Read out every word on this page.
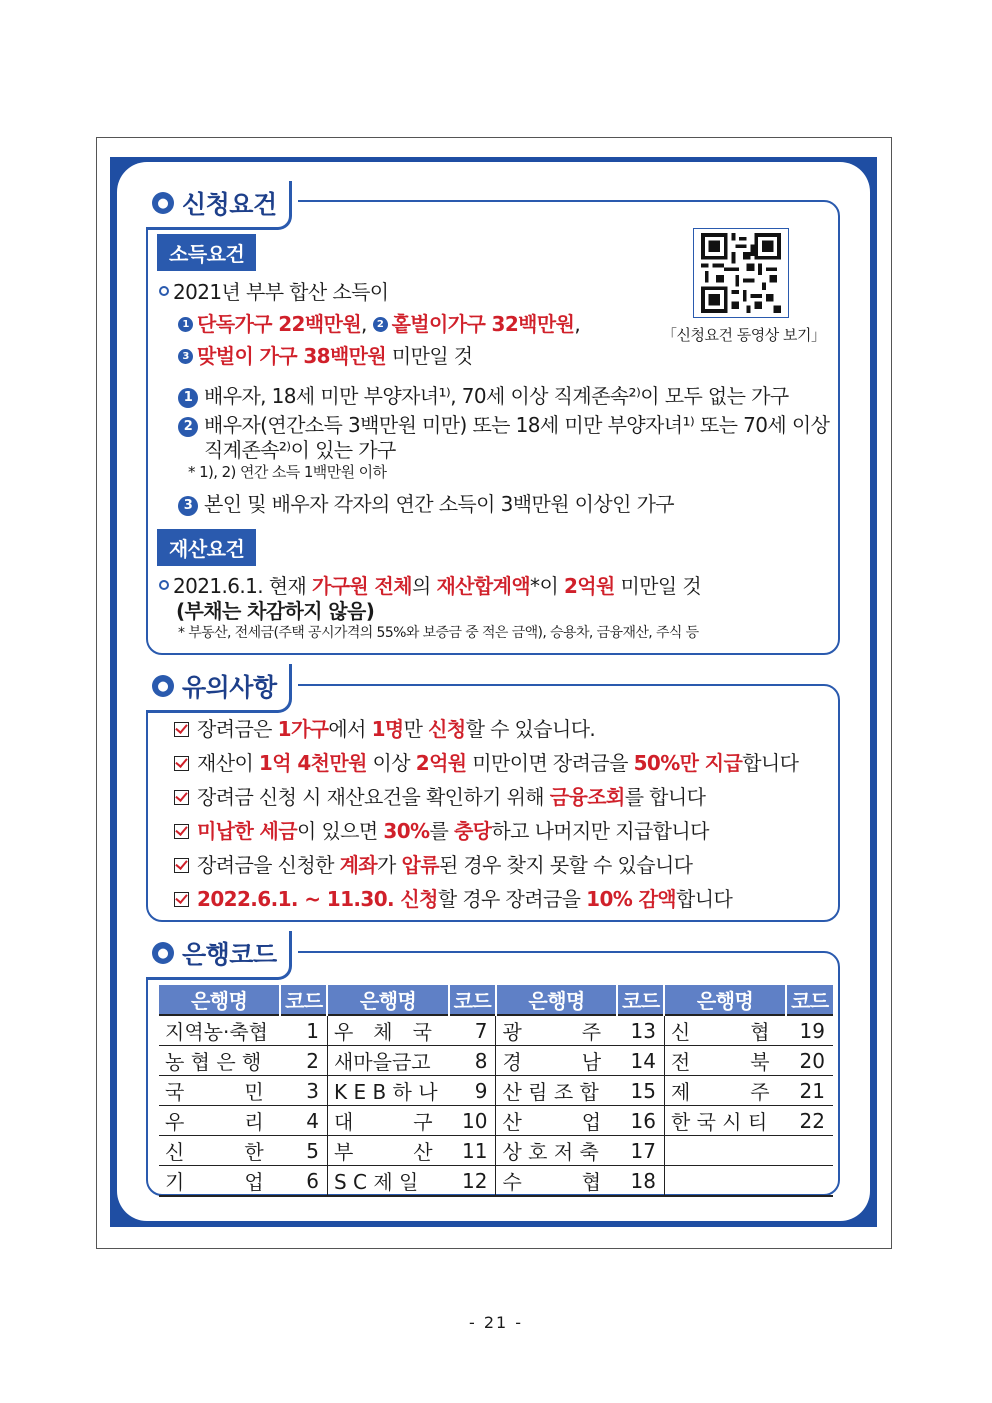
● 신청요건
소득요건
2021년 부부 합산 소득이
1 단독가구 22백만원, 2 홑벌이가구 32백만원,
3 맞벌이 가구 38백만원 미만일 것
「신청요건 동영상 보기」
1 배우자, 18세 미만 부양자녀¹⁾, 70세 이상 직계존속²⁾이 모두 없는 가구
2 배우자(연간소득 3백만원 미만) 또는 18세 미만 부양자녀¹⁾ 또는 70세 이상
직계존속²⁾이 있는 가구
* 1), 2) 연간 소득 1백만원 이하
3 본인 및 배우자 각자의 연간 소득이 3백만원 이상인 가구
재산요건
2021.6.1. 현재 가구원 전체의 재산합계액*이 2억원 미만일 것
(부채는 차감하지 않음)
* 부동산, 전세금(주택 공시가격의 55%와 보증금 중 적은 금액), 승용차, 금융재산, 주식 등
● 유의사항
장려금은 1가구에서 1명만 신청할 수 있습니다.
재산이 1억 4천만원 이상 2억원 미만이면 장려금을 50%만 지급합니다
장려금 신청 시 재산요건을 확인하기 위해 금융조회를 합니다
미납한 세금이 있으면 30%를 충당하고 나머지만 지급합니다
장려금을 신청한 계좌가 압류된 경우 찾지 못할 수 있습니다
2022.6.1. ~ 11.30. 신청할 경우 장려금을 10% 감액합니다
● 은행코드
은행명	코드	은행명	코드	은행명	코드	은행명	코드
지역농·축협	1	우　체　국	7	광　　　주	13	신　　　협	19
농 협 은 행	2	새마을금고	8	경　　　남	14	전　　　북	20
국　　　민	3	K E B 하 나	9	산 림 조 합	15	제　　　주	21
우　　　리	4	대　　　구	10	산　　　업	16	한 국 시 티	22
신　　　한	5	부　　　산	11	상 호 저 축	17		
기　　　업	6	S C 제 일	12	수　　　협	18		
- 21 -
